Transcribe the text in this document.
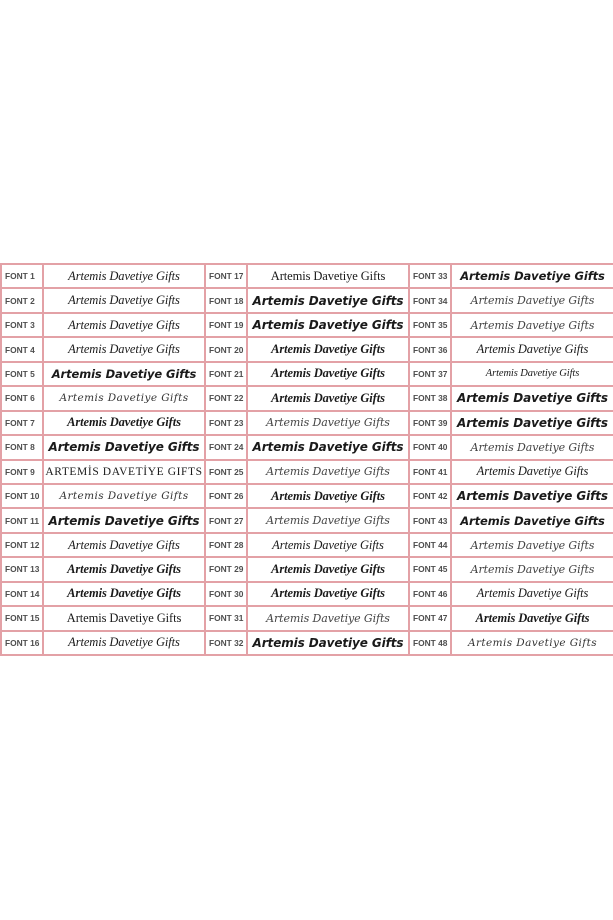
FONT 1	Artemis Davetiye Gifts	FONT 17	Artemis Davetiye Gifts	FONT 33	Artemis Davetiye Gifts
FONT 2	Artemis Davetiye Gifts	FONT 18 Artemis Davetiye Gifts	FONT 34	Artemis Davetiye Gifts
FONT 3	Artemis Davetiye Gifts	FONT 19 Artemis Davetiye Gifts	FONT 35	Artemis Davetiye Gifts
FONT 4	Artemis Davetiye Gifts	FONT 20	Artemis Davetiye Gifts	FONT 36	Artemis Davetiye Gifts
FONT 5	Artemis Davetiye Gifts	FONT 21	Artemis Davetiye Gifts	FONT 37	Artemis Davetiye Gifts
FONT 6	Artemis Davetiye Gifts	FONT 22	Artemis Davetiye Gifts	FONT 38 Artemis Davetiye Gifts
FONT 7	Artemis Davetiye Gifts	FONT 23	Artemis Davetiye Gifts	FONT 39 Artemis Davetiye Gifts
FONT 8	Artemis Davetiye Gifts	FONT 24 Artemis Davetiye Gifts	FONT 40	Artemis Davetiye Gifts
FONT 9 ARTEMİS DAVETİYE GIFTS FONT 25	Artemis Davetiye Gifts	FONT 41	Artemis Davetiye Gifts
FONT 10	Artemis Davetiye Gifts	FONT 26	Artemis Davetiye Gifts	FONT 42 Artemis Davetiye Gifts
FONT 11 Artemis Davetiye Gifts	FONT 27	Artemis Davetiye Gifts	FONT 43	Artemis Davetiye Gifts
FONT 12	Artemis Davetiye Gifts	FONT 28	Artemis Davetiye Gifts	FONT 44	Artemis Davetiye Gifts
FONT 13	Artemis Davetiye Gifts	FONT 29	Artemis Davetiye Gifts	FONT 45	Artemis Davetiye Gifts
FONT 14	Artemis Davetiye Gifts	FONT 30	Artemis Davetiye Gifts	FONT 46	Artemis Davetiye Gifts
FONT 15	Artemis Davetiye Gifts	FONT 31	Artemis Davetiye Gifts	FONT 47	Artemis Davetiye Gifts
FONT 16	Artemis Davetiye Gifts	FONT 32 Artemis Davetiye Gifts	FONT 48	Artemis Davetiye Gifts
